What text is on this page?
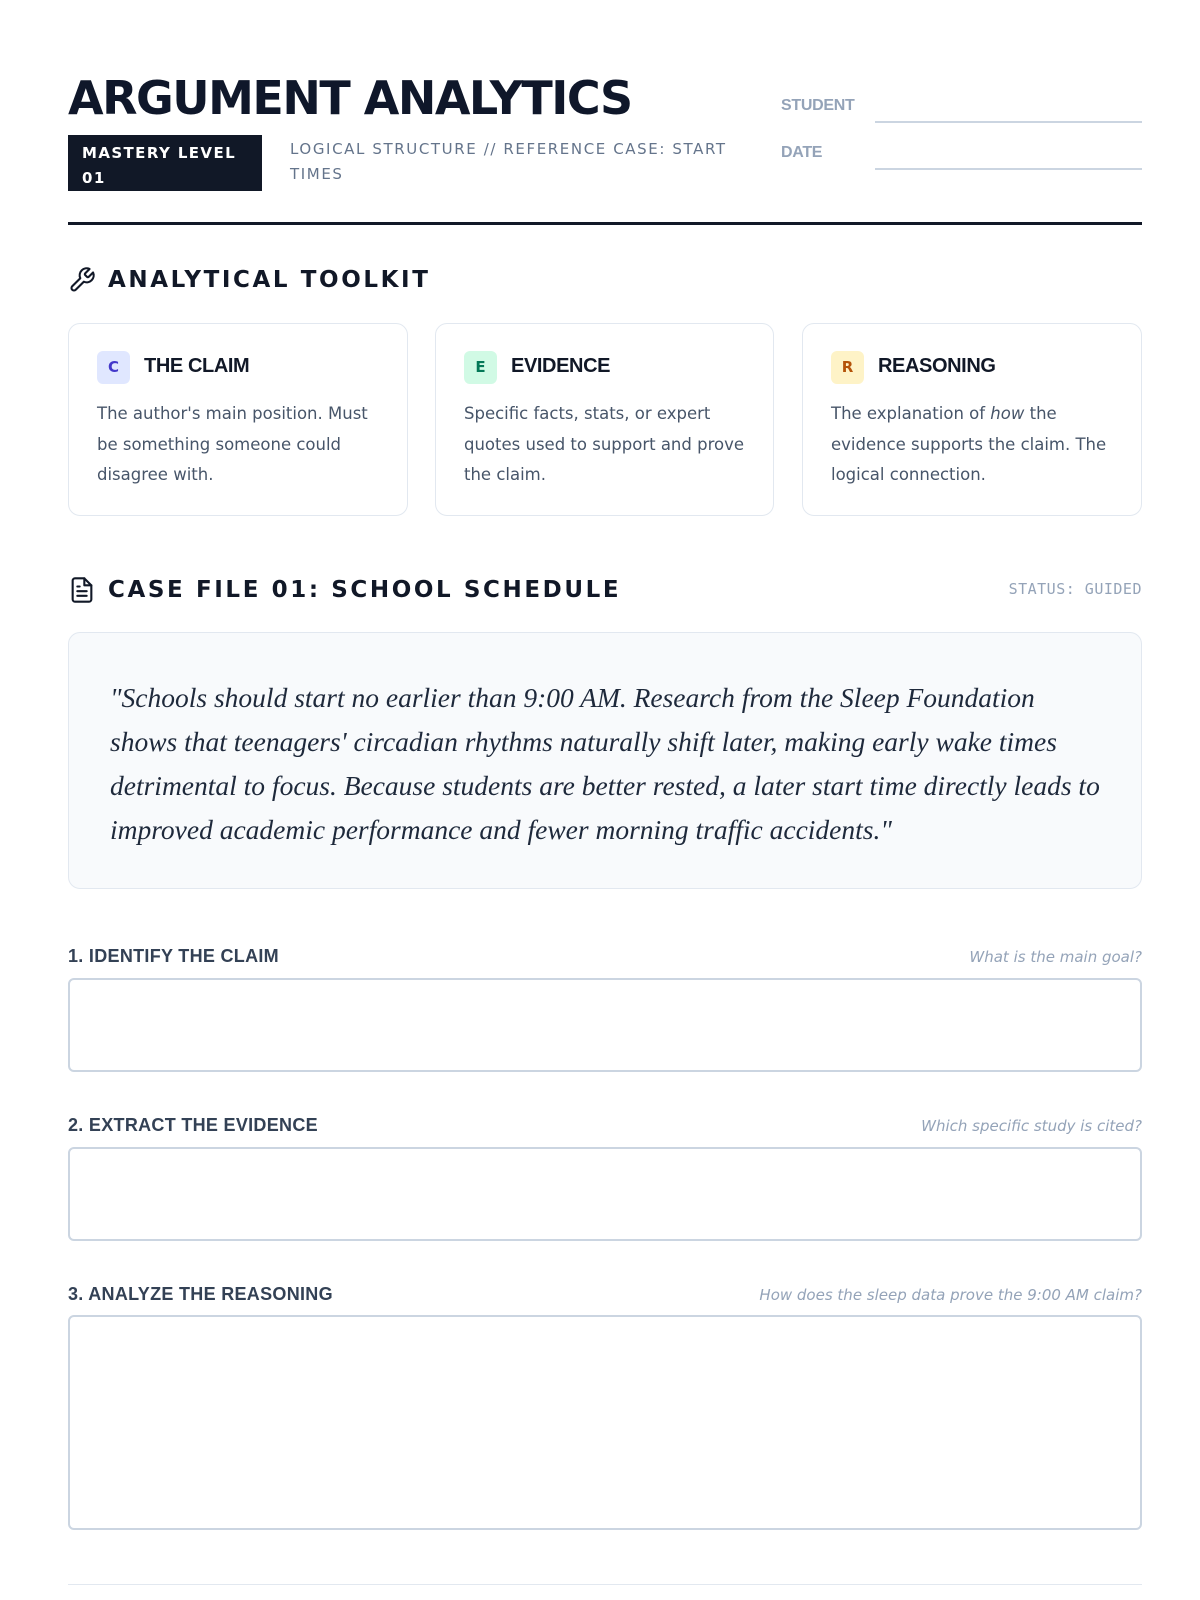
ARGUMENT ANALYTICS
MASTERY LEVEL 01
LOGICAL STRUCTURE // REFERENCE CASE: START TIMES
STUDENT
DATE
ANALYTICAL TOOLKIT
C	THE CLAIM
The author's main position. Must be something someone could disagree with.
E	EVIDENCE
Specific facts, stats, or expert quotes used to support and prove the claim.
R	REASONING
The explanation of how the evidence supports the claim. The logical connection.
CASE FILE 01: SCHOOL SCHEDULE	STATUS: GUIDED

"Schools should start no earlier than 9:00 AM. Research from the Sleep Foundation shows that teenagers' circadian rhythms naturally shift later, making early wake times detrimental to focus. Because students are better rested, a later start time directly leads to improved academic performance and fewer morning traffic accidents."

1. IDENTIFY THE CLAIM	What is the main goal?
2. EXTRACT THE EVIDENCE	Which specific study is cited?
3. ANALYZE THE REASONING	How does the sleep data prove the 9:00 AM claim?
